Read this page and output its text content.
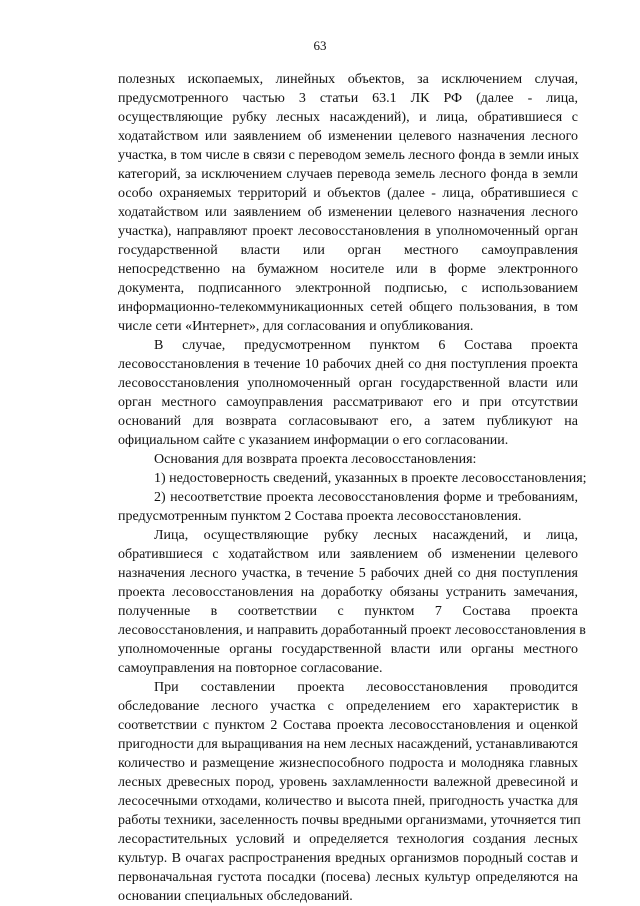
63
полезных ископаемых, линейных объектов, за исключением случая,
предусмотренного частью 3 статьи 63.1 ЛК РФ (далее - лица,
осуществляющие рубку лесных насаждений), и лица, обратившиеся с
ходатайством или заявлением об изменении целевого назначения лесного
участка, в том числе в связи с переводом земель лесного фонда в земли иных
категорий, за исключением случаев перевода земель лесного фонда в земли
особо охраняемых территорий и объектов (далее - лица, обратившиеся с
ходатайством или заявлением об изменении целевого назначения лесного
участка), направляют проект лесовосстановления в уполномоченный орган
государственной власти или орган местного самоуправления
непосредственно на бумажном носителе или в форме электронного
документа, подписанного электронной подписью, с использованием
информационно-телекоммуникационных сетей общего пользования, в том
числе сети «Интернет», для согласования и опубликования.
В случае, предусмотренном пунктом 6 Состава проекта
лесовосстановления в течение 10 рабочих дней со дня поступления проекта
лесовосстановления уполномоченный орган государственной власти или
орган местного самоуправления рассматривают его и при отсутствии
оснований для возврата согласовывают его, а затем публикуют на
официальном сайте с указанием информации о его согласовании.
Основания для возврата проекта лесовосстановления:
1) недостоверность сведений, указанных в проекте лесовосстановления;
2) несоответствие проекта лесовосстановления форме и требованиям,
предусмотренным пунктом 2 Состава проекта лесовосстановления.
Лица, осуществляющие рубку лесных насаждений, и лица,
обратившиеся с ходатайством или заявлением об изменении целевого
назначения лесного участка, в течение 5 рабочих дней со дня поступления
проекта лесовосстановления на доработку обязаны устранить замечания,
полученные в соответствии с пунктом 7 Состава проекта
лесовосстановления, и направить доработанный проект лесовосстановления в
уполномоченные органы государственной власти или органы местного
самоуправления на повторное согласование.
При составлении проекта лесовосстановления проводится
обследование лесного участка с определением его характеристик в
соответствии с пунктом 2 Состава проекта лесовосстановления и оценкой
пригодности для выращивания на нем лесных насаждений, устанавливаются
количество и размещение жизнеспособного подроста и молодняка главных
лесных древесных пород, уровень захламленности валежной древесиной и
лесосечными отходами, количество и высота пней, пригодность участка для
работы техники, заселенность почвы вредными организмами, уточняется тип
лесорастительных условий и определяется технология создания лесных
культур. В очагах распространения вредных организмов породный состав и
первоначальная густота посадки (посева) лесных культур определяются на
основании специальных обследований.
